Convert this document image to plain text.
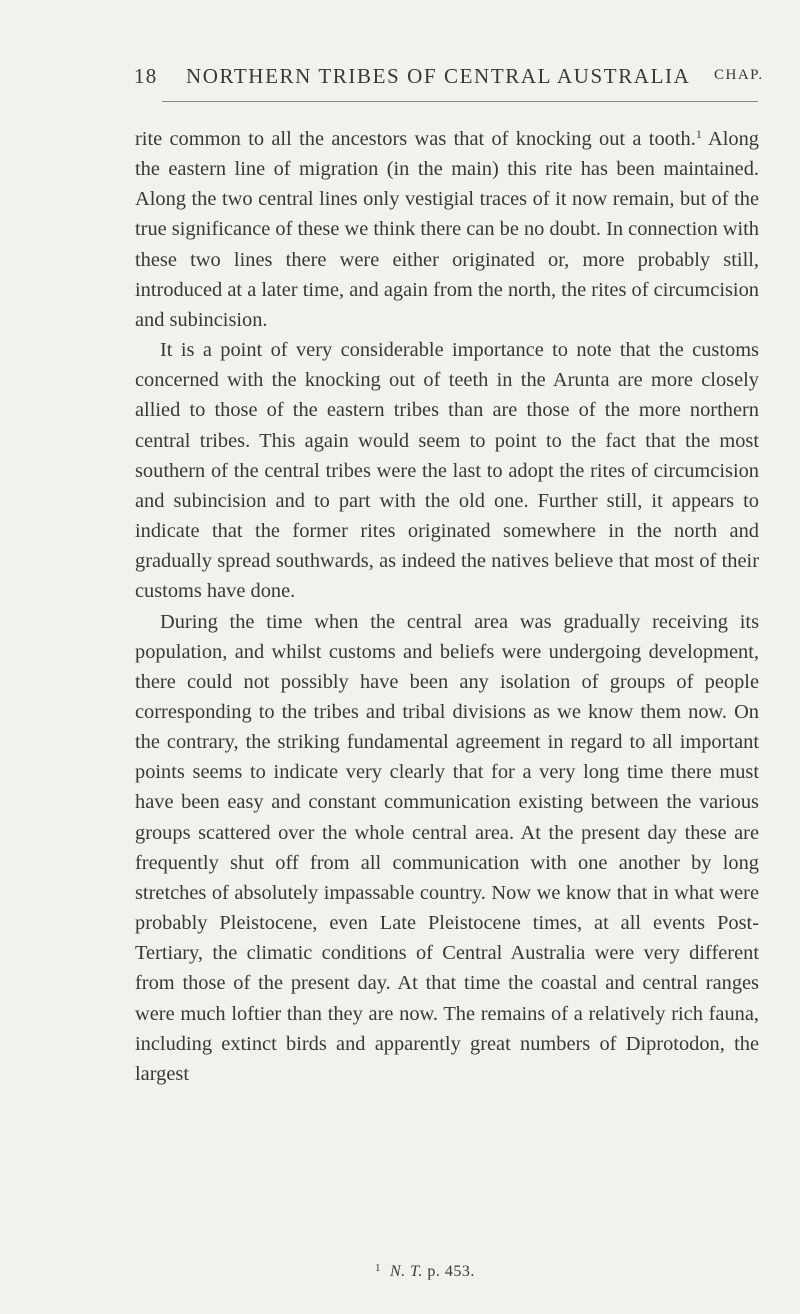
18 NORTHERN TRIBES OF CENTRAL AUSTRALIA CHAP.

rite common to all the ancestors was that of knocking out a tooth.$^1$ Along the eastern line of migration (in the main) this rite has been maintained. Along the two central lines only vestigial traces of it now remain, but of the true significance of these we think there can be no doubt. In connection with these two lines there were either originated or, more probably still, introduced at a later time, and again from the north, the rites of circumcision and subincision.

It is a point of very considerable importance to note that the customs concerned with the knocking out of teeth in the Arunta are more closely allied to those of the eastern tribes than are those of the more northern central tribes. This again would seem to point to the fact that the most southern of the central tribes were the last to adopt the rites of circumcision and subincision and to part with the old one. Further still, it appears to indicate that the former rites originated somewhere in the north and gradually spread southwards, as indeed the natives believe that most of their customs have done.

During the time when the central area was gradually receiving its population, and whilst customs and beliefs were undergoing development, there could not possibly have been any isolation of groups of people corresponding to the tribes and tribal divisions as we know them now. On the contrary, the striking fundamental agreement in regard to all important points seems to indicate very clearly that for a very long time there must have been easy and constant communication existing between the various groups scattered over the whole central area. At the present day these are frequently shut off from all communication with one another by long stretches of absolutely impassable country. Now we know that in what were probably Pleistocene, even Late Pleistocene times, at all events Post-Tertiary, the climatic conditions of Central Australia were very different from those of the present day. At that time the coastal and central ranges were much loftier than they are now. The remains of a relatively rich fauna, including extinct birds and apparently great numbers of Diprotodon, the largest

$^1$ N. T. p. 453.
